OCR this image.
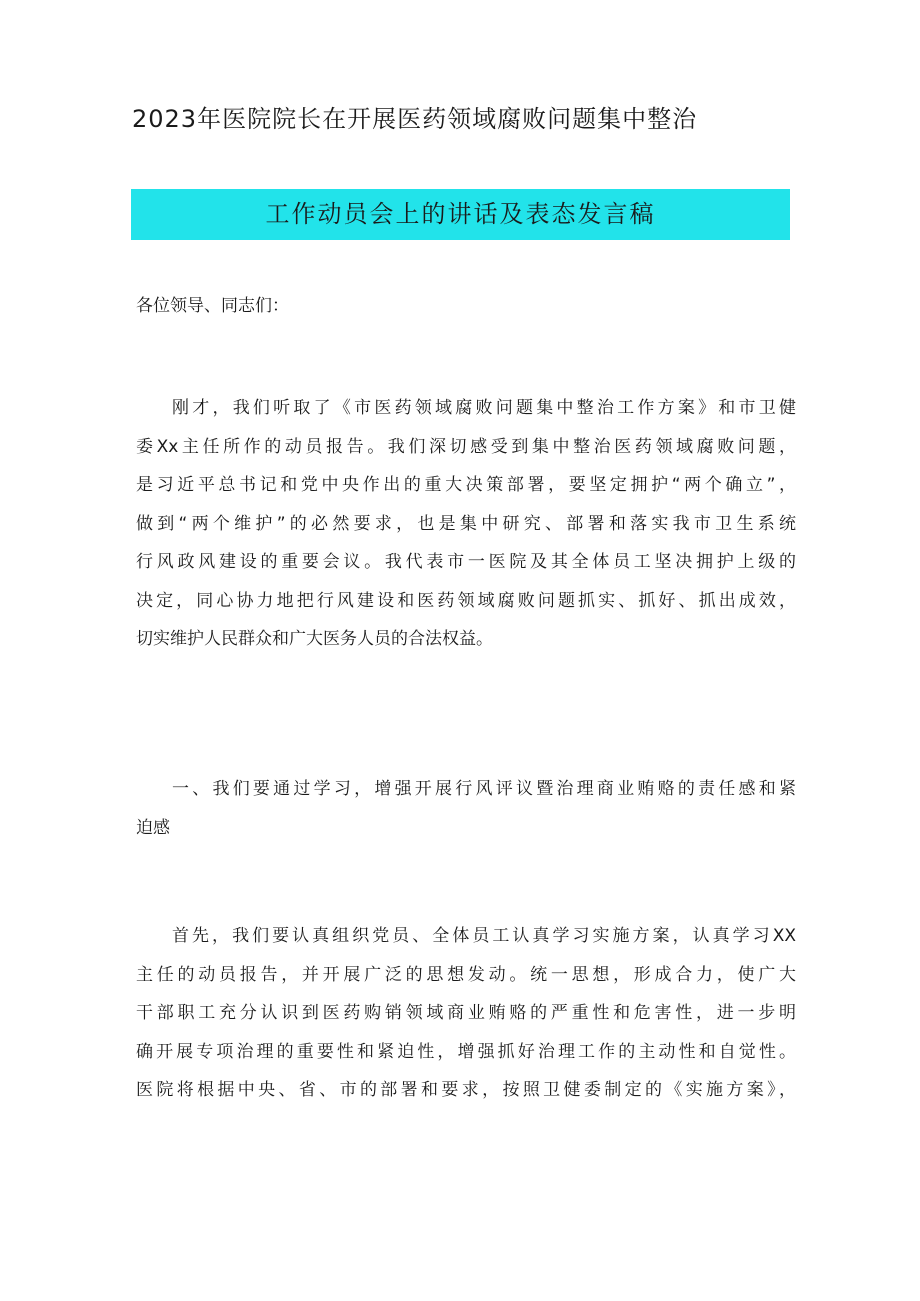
2023年医院院长在开展医药领域腐败问题集中整治
工作动员会上的讲话及表态发言稿
各位领导、同志们：
刚才，我们听取了《市医药领域腐败问题集中整治工作方案》和市卫健
委Xx主任所作的动员报告。我们深切感受到集中整治医药领域腐败问题，
是习近平总书记和党中央作出的重大决策部署，要坚定拥护“两个确立”，
做到“两个维护”的必然要求，也是集中研究、部署和落实我市卫生系统
行风政风建设的重要会议。我代表市一医院及其全体员工坚决拥护上级的
决定，同心协力地把行风建设和医药领域腐败问题抓实、抓好、抓出成效，
切实维护人民群众和广大医务人员的合法权益。
一、我们要通过学习，增强开展行风评议暨治理商业贿赂的责任感和紧
迫感
首先，我们要认真组织党员、全体员工认真学习实施方案，认真学习XX
主任的动员报告，并开展广泛的思想发动。统一思想，形成合力，使广大
干部职工充分认识到医药购销领域商业贿赂的严重性和危害性，进一步明
确开展专项治理的重要性和紧迫性，增强抓好治理工作的主动性和自觉性。
医院将根据中央、省、市的部署和要求，按照卫健委制定的《实施方案》，
